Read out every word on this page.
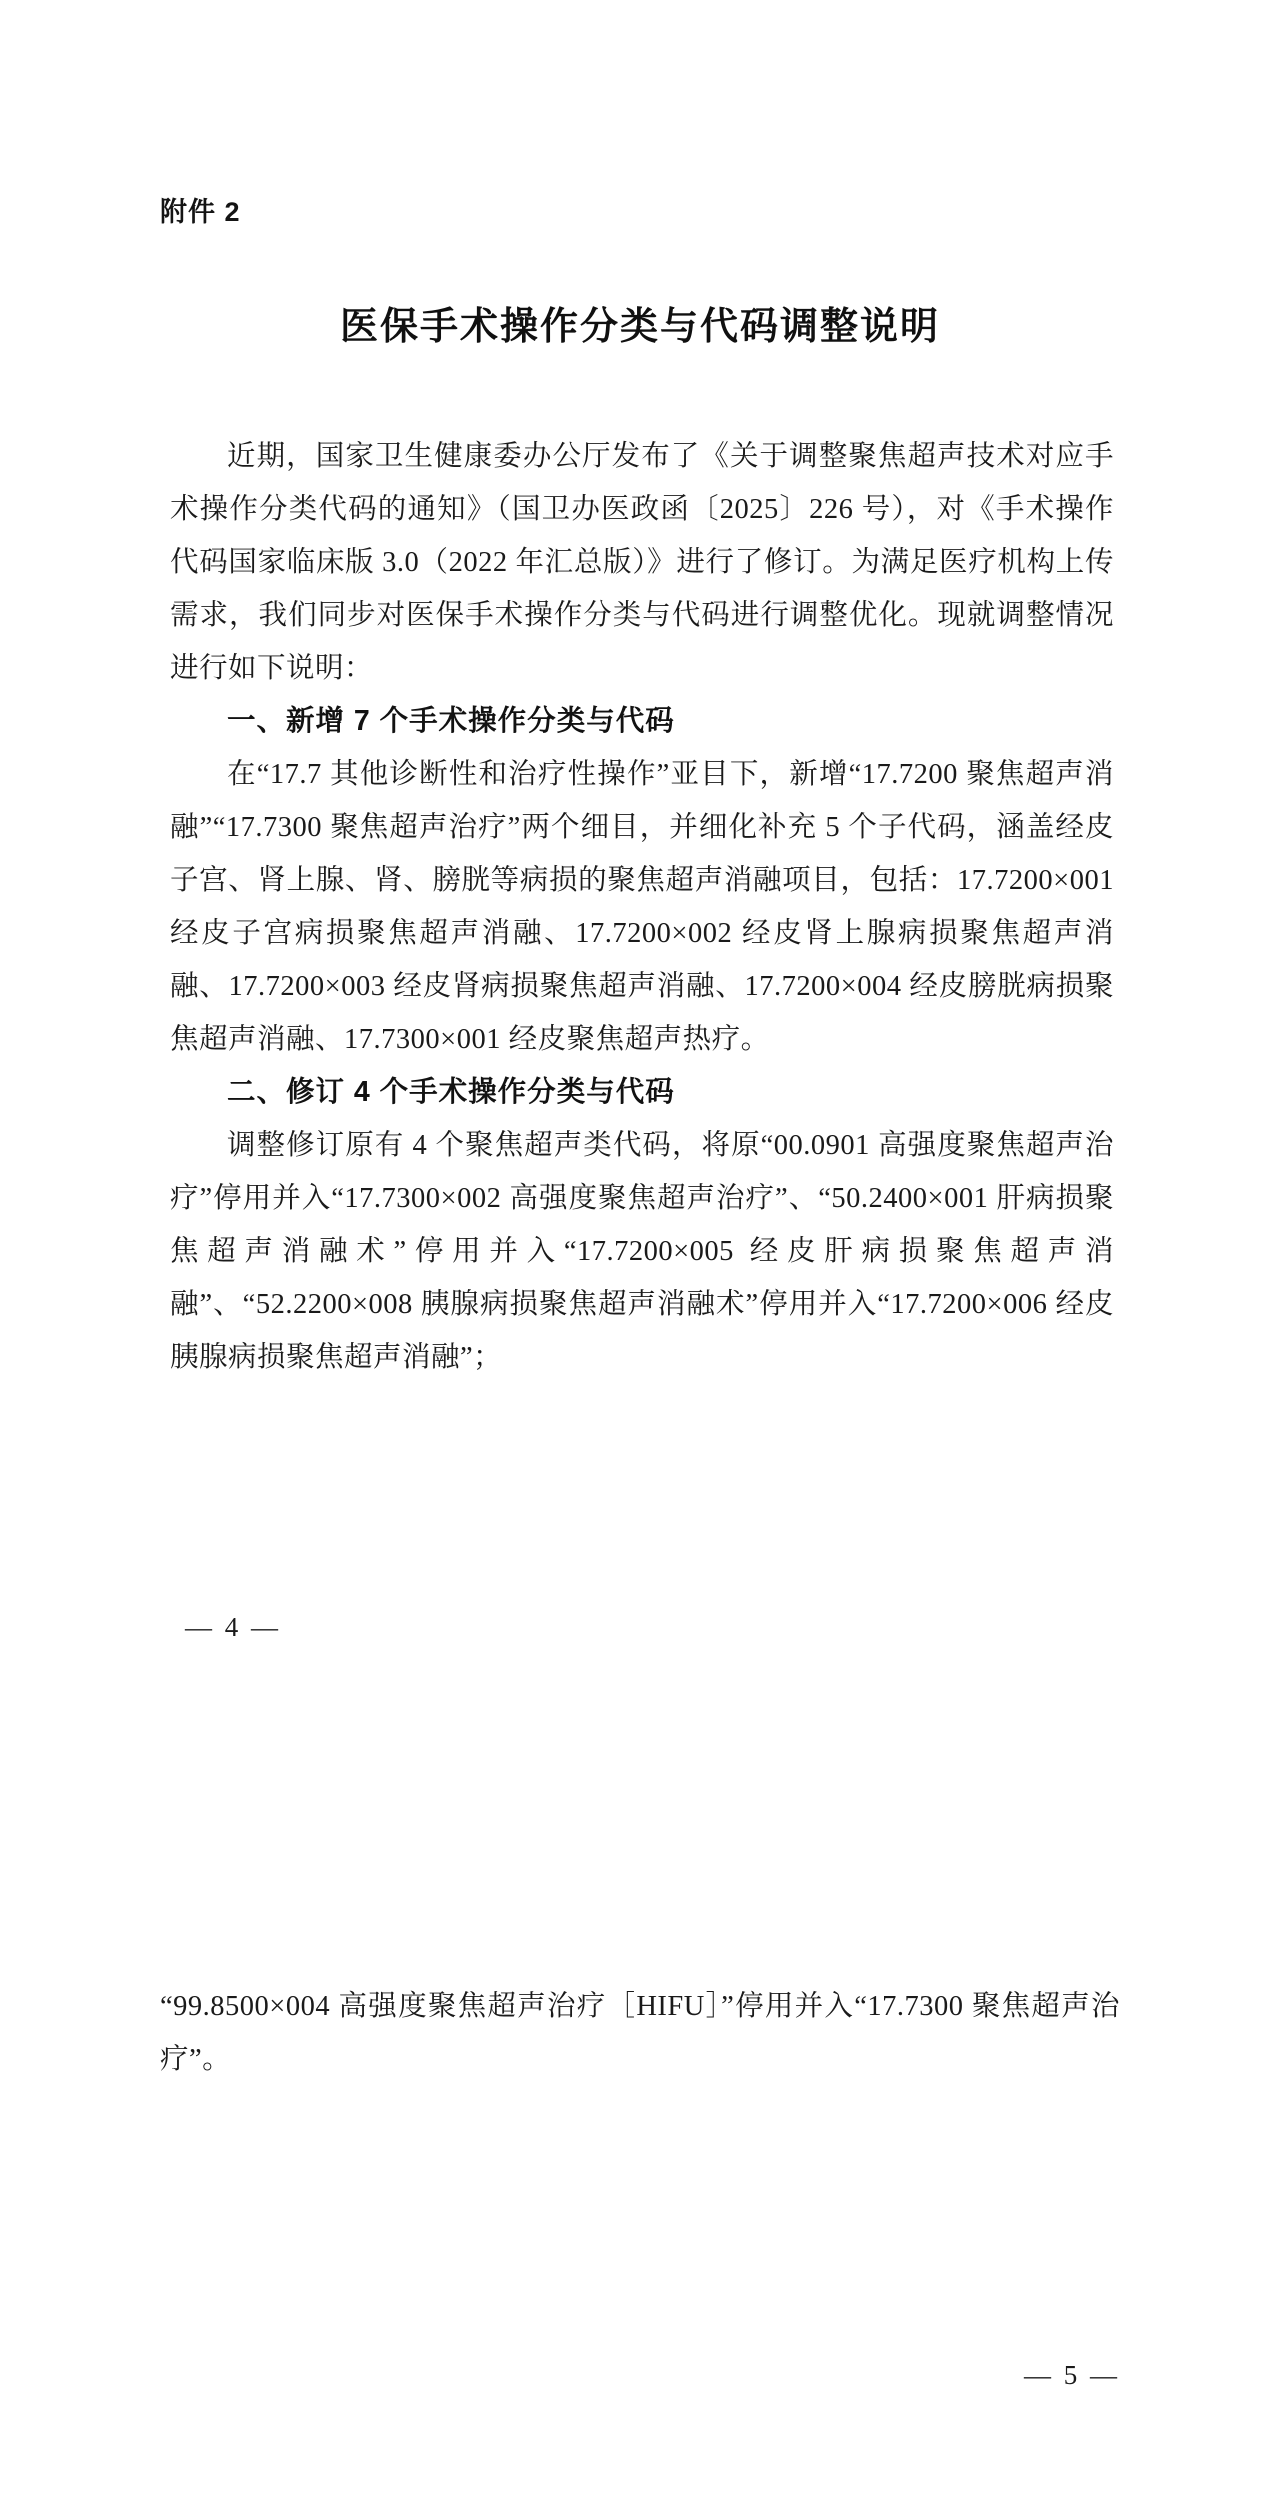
附件 2
医保手术操作分类与代码调整说明

近期，国家卫生健康委办公厅发布了《关于调整聚焦超声技术对应手术操作分类代码的通知》（国卫办医政函〔2025〕226 号），对《手术操作代码国家临床版 3.0（2022 年汇总版）》进行了修订。为满足医疗机构上传需求，我们同步对医保手术操作分类与代码进行调整优化。现就调整情况进行如下说明：

一、新增 7 个手术操作分类与代码

在“17.7 其他诊断性和治疗性操作”亚目下，新增“17.7200 聚焦超声消融”“17.7300 聚焦超声治疗”两个细目，并细化补充 5 个子代码，涵盖经皮子宫、肾上腺、肾、膀胱等病损的聚焦超声消融项目，包括：17.7200×001 经皮子宫病损聚焦超声消融、17.7200×002 经皮肾上腺病损聚焦超声消融、17.7200×003 经皮肾病损聚焦超声消融、17.7200×004 经皮膀胱病损聚焦超声消融、17.7300×001 经皮聚焦超声热疗。

二、修订 4 个手术操作分类与代码

调整修订原有 4 个聚焦超声类代码，将原“00.0901 高强度聚焦超声治疗”停用并入“17.7300×002 高强度聚焦超声治疗”、“50.2400×001 肝病损聚焦超声消融术”停用并入“17.7200×005 经皮肝病损聚焦超声消融”、“52.2200×008 胰腺病损聚焦超声消融术”停用并入“17.7200×006 经皮胰腺病损聚焦超声消融”；

— 4 —

“99.8500×004 高强度聚焦超声治疗［HIFU］”停用并入“17.7300 聚焦超声治疗”。

— 5 —
